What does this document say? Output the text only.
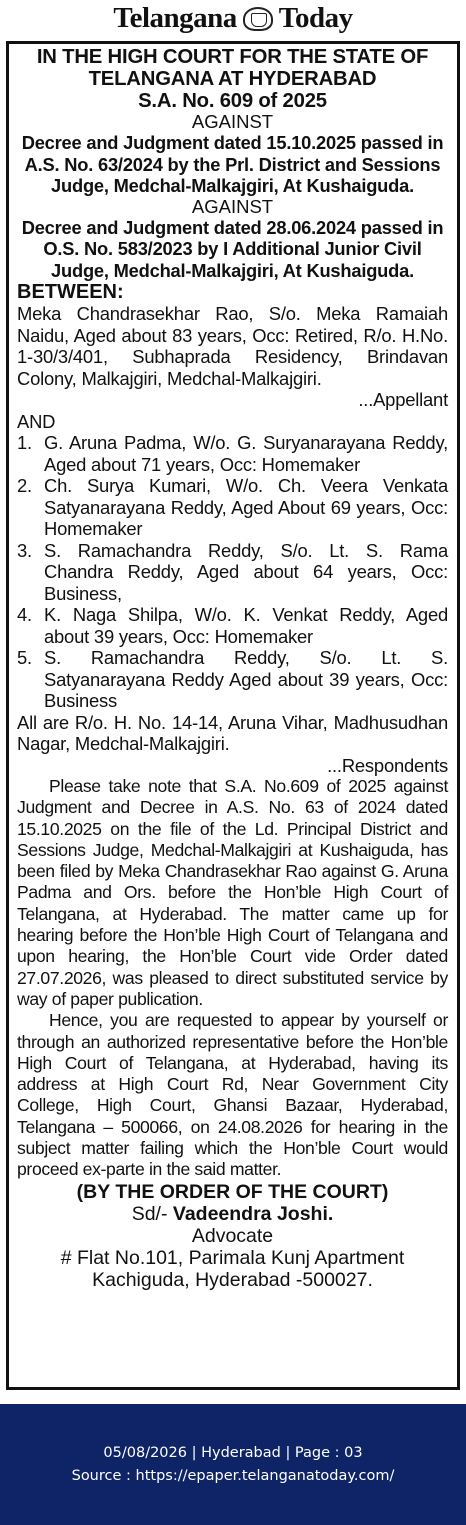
Telangana Today
IN THE HIGH COURT FOR THE STATE OF
TELANGANA AT HYDERABAD
S.A. No. 609 of 2025
AGAINST
Decree and Judgment dated 15.10.2025 passed in A.S. No. 63/2024 by the Prl. District and Sessions Judge, Medchal-Malkajgiri, At Kushaiguda.
AGAINST
Decree and Judgment dated 28.06.2024 passed in O.S. No. 583/2023 by I Additional Junior Civil Judge, Medchal-Malkajgiri, At Kushaiguda.
BETWEEN:
Meka Chandrasekhar Rao, S/o. Meka Ramaiah Naidu, Aged about 83 years, Occ: Retired, R/o. H.No. 1-30/3/401, Subhaprada Residency, Brindavan Colony, Malkajgiri, Medchal-Malkajgiri.
...Appellant
AND
1. G. Aruna Padma, W/o. G. Suryanarayana Reddy, Aged about 71 years, Occ: Homemaker
2. Ch. Surya Kumari, W/o. Ch. Veera Venkata Satyanarayana Reddy, Aged About 69 years, Occ: Homemaker
3. S. Ramachandra Reddy, S/o. Lt. S. Rama Chandra Reddy, Aged about 64 years, Occ: Business,
4. K. Naga Shilpa, W/o. K. Venkat Reddy, Aged about 39 years, Occ: Homemaker
5. S. Ramachandra Reddy, S/o. Lt. S. Satyanarayana Reddy Aged about 39 years, Occ: Business
All are R/o. H. No. 14-14, Aruna Vihar, Madhusudhan Nagar, Medchal-Malkajgiri.
...Respondents
Please take note that S.A. No.609 of 2025 against Judgment and Decree in A.S. No. 63 of 2024 dated 15.10.2025 on the file of the Ld. Principal District and Sessions Judge, Medchal-Malkajgiri at Kushaiguda, has been filed by Meka Chandrasekhar Rao against G. Aruna Padma and Ors. before the Hon’ble High Court of Telangana, at Hyderabad. The matter came up for hearing before the Hon’ble High Court of Telangana and upon hearing, the Hon’ble Court vide Order dated 27.07.2026, was pleased to direct substituted service by way of paper publication.
Hence, you are requested to appear by yourself or through an authorized representative before the Hon’ble High Court of Telangana, at Hyderabad, having its address at High Court Rd, Near Government City College, High Court, Ghansi Bazaar, Hyderabad, Telangana – 500066, on 24.08.2026 for hearing in the subject matter failing which the Hon’ble Court would proceed ex-parte in the said matter.
(BY THE ORDER OF THE COURT)
Sd/- Vadeendra Joshi.
Advocate
# Flat No.101, Parimala Kunj Apartment
Kachiguda, Hyderabad -500027.
05/08/2026 | Hyderabad | Page : 03
Source : https://epaper.telanganatoday.com/
